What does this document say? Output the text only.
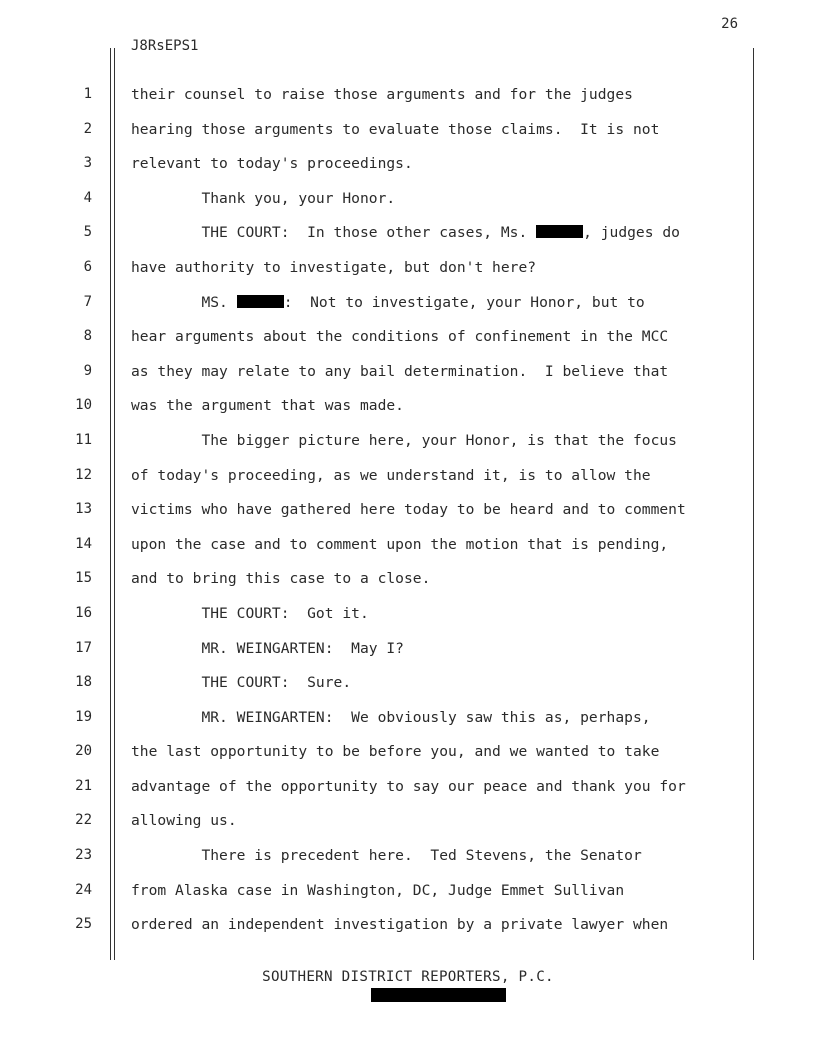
26
J8RsEPS1
1	their counsel to raise those arguments and for the judges
2	hearing those arguments to evaluate those claims.  It is not
3	relevant to today's proceedings.
4	Thank you, your Honor.
5	THE COURT:  In those other cases, Ms.	, judges do
6	have authority to investigate, but don't here?
7	MS.	:  Not to investigate, your Honor, but to
8	hear arguments about the conditions of confinement in the MCC
9	as they may relate to any bail determination.  I believe that
10	was the argument that was made.
11	The bigger picture here, your Honor, is that the focus
12	of today's proceeding, as we understand it, is to allow the
13	victims who have gathered here today to be heard and to comment
14	upon the case and to comment upon the motion that is pending,
15	and to bring this case to a close.
16	THE COURT:  Got it.
17	MR. WEINGARTEN:  May I?
18	THE COURT:  Sure.
19	MR. WEINGARTEN:  We obviously saw this as, perhaps,
20	the last opportunity to be before you, and we wanted to take
21	advantage of the opportunity to say our peace and thank you for
22	allowing us.
23	There is precedent here.  Ted Stevens, the Senator
24	from Alaska case in Washington, DC, Judge Emmet Sullivan
25	ordered an independent investigation by a private lawyer when
SOUTHERN DISTRICT REPORTERS, P.C.
